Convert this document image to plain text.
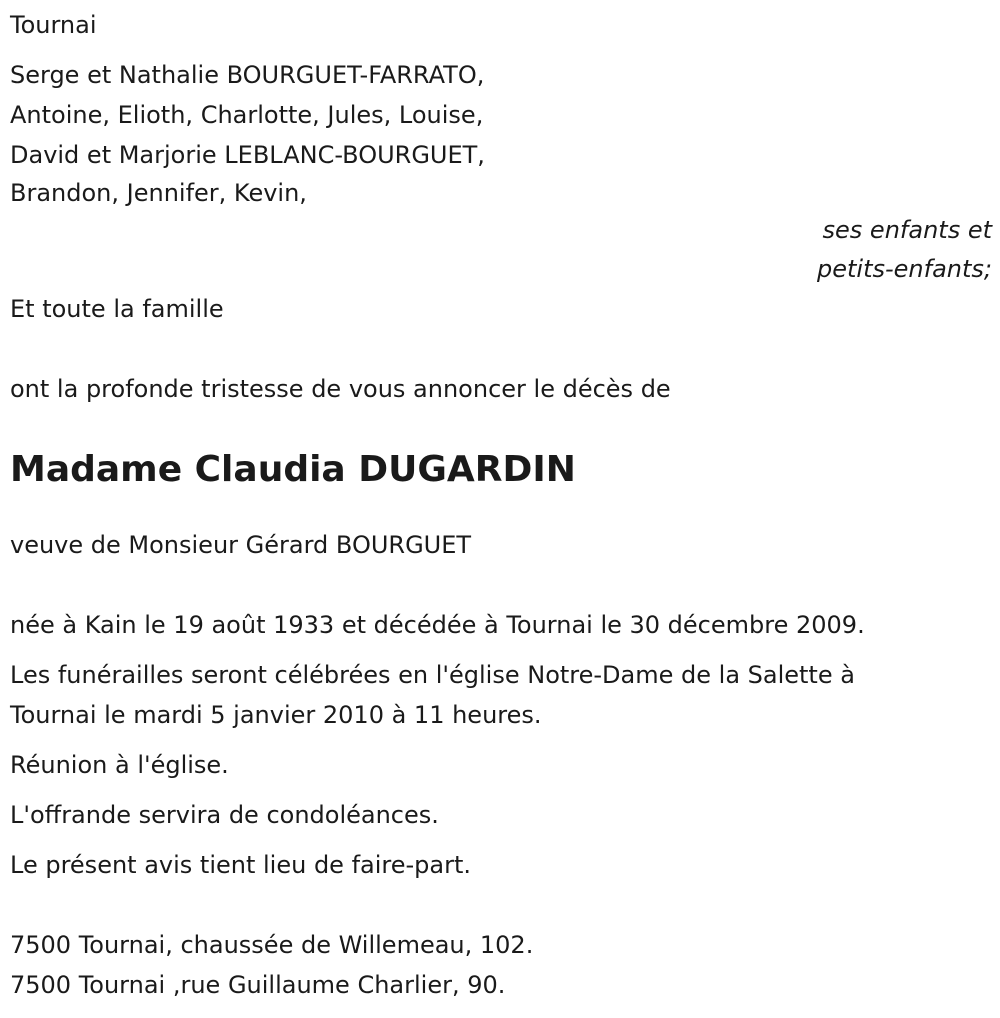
Tournai
Serge et Nathalie BOURGUET-FARRATO,
Antoine, Elioth, Charlotte, Jules, Louise,
David et Marjorie LEBLANC-BOURGUET,
Brandon, Jennifer, Kevin,
ses enfants et
petits-enfants;
Et toute la famille
ont la profonde tristesse de vous annoncer le décès de
Madame Claudia DUGARDIN
veuve de Monsieur Gérard BOURGUET
née à Kain le 19 août 1933 et décédée à Tournai le 30 décembre 2009.
Les funérailles seront célébrées en l'église Notre-Dame de la Salette à
Tournai le mardi 5 janvier 2010 à 11 heures.
Réunion à l'église.
L'offrande servira de condoléances.
Le présent avis tient lieu de faire-part.
7500 Tournai, chaussée de Willemeau, 102.
7500 Tournai ,rue Guillaume Charlier, 90.
